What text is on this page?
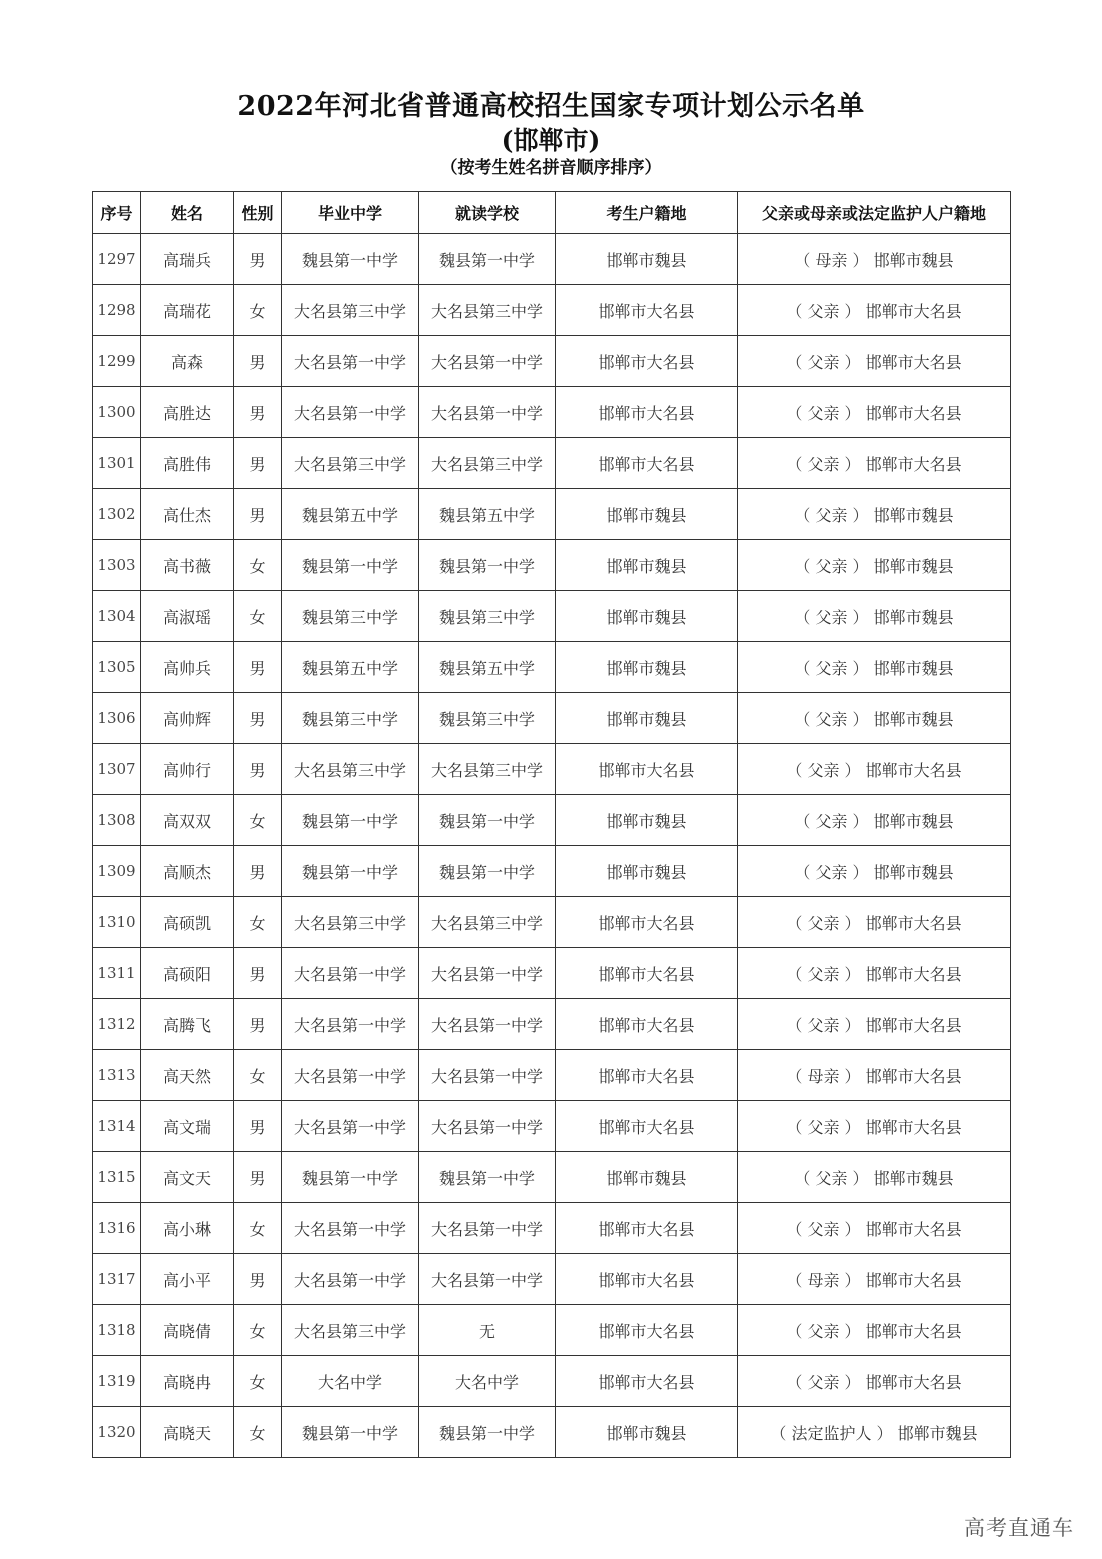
2022年河北省普通高校招生国家专项计划公示名单
(邯郸市)
（按考生姓名拼音顺序排序）
序号	姓名	性别	毕业中学	就读学校	考生户籍地	父亲或母亲或法定监护人户籍地
1297	高瑞兵	男	魏县第一中学	魏县第一中学	邯郸市魏县	（ 母亲 ） 邯郸市魏县
1298	高瑞花	女	大名县第三中学	大名县第三中学	邯郸市大名县	（ 父亲 ） 邯郸市大名县
1299	高森	男	大名县第一中学	大名县第一中学	邯郸市大名县	（ 父亲 ） 邯郸市大名县
1300	高胜达	男	大名县第一中学	大名县第一中学	邯郸市大名县	（ 父亲 ） 邯郸市大名县
1301	高胜伟	男	大名县第三中学	大名县第三中学	邯郸市大名县	（ 父亲 ） 邯郸市大名县
1302	高仕杰	男	魏县第五中学	魏县第五中学	邯郸市魏县	（ 父亲 ） 邯郸市魏县
1303	高书薇	女	魏县第一中学	魏县第一中学	邯郸市魏县	（ 父亲 ） 邯郸市魏县
1304	高淑瑶	女	魏县第三中学	魏县第三中学	邯郸市魏县	（ 父亲 ） 邯郸市魏县
1305	高帅兵	男	魏县第五中学	魏县第五中学	邯郸市魏县	（ 父亲 ） 邯郸市魏县
1306	高帅辉	男	魏县第三中学	魏县第三中学	邯郸市魏县	（ 父亲 ） 邯郸市魏县
1307	高帅行	男	大名县第三中学	大名县第三中学	邯郸市大名县	（ 父亲 ） 邯郸市大名县
1308	高双双	女	魏县第一中学	魏县第一中学	邯郸市魏县	（ 父亲 ） 邯郸市魏县
1309	高顺杰	男	魏县第一中学	魏县第一中学	邯郸市魏县	（ 父亲 ） 邯郸市魏县
1310	高硕凯	女	大名县第三中学	大名县第三中学	邯郸市大名县	（ 父亲 ） 邯郸市大名县
1311	高硕阳	男	大名县第一中学	大名县第一中学	邯郸市大名县	（ 父亲 ） 邯郸市大名县
1312	高腾飞	男	大名县第一中学	大名县第一中学	邯郸市大名县	（ 父亲 ） 邯郸市大名县
1313	高天然	女	大名县第一中学	大名县第一中学	邯郸市大名县	（ 母亲 ） 邯郸市大名县
1314	高文瑞	男	大名县第一中学	大名县第一中学	邯郸市大名县	（ 父亲 ） 邯郸市大名县
1315	高文天	男	魏县第一中学	魏县第一中学	邯郸市魏县	（ 父亲 ） 邯郸市魏县
1316	高小琳	女	大名县第一中学	大名县第一中学	邯郸市大名县	（ 父亲 ） 邯郸市大名县
1317	高小平	男	大名县第一中学	大名县第一中学	邯郸市大名县	（ 母亲 ） 邯郸市大名县
1318	高晓倩	女	大名县第三中学	无	邯郸市大名县	（ 父亲 ） 邯郸市大名县
1319	高晓冉	女	大名中学	大名中学	邯郸市大名县	（ 父亲 ） 邯郸市大名县
1320	高晓天	女	魏县第一中学	魏县第一中学	邯郸市魏县	（ 法定监护人 ） 邯郸市魏县
高考直通车
